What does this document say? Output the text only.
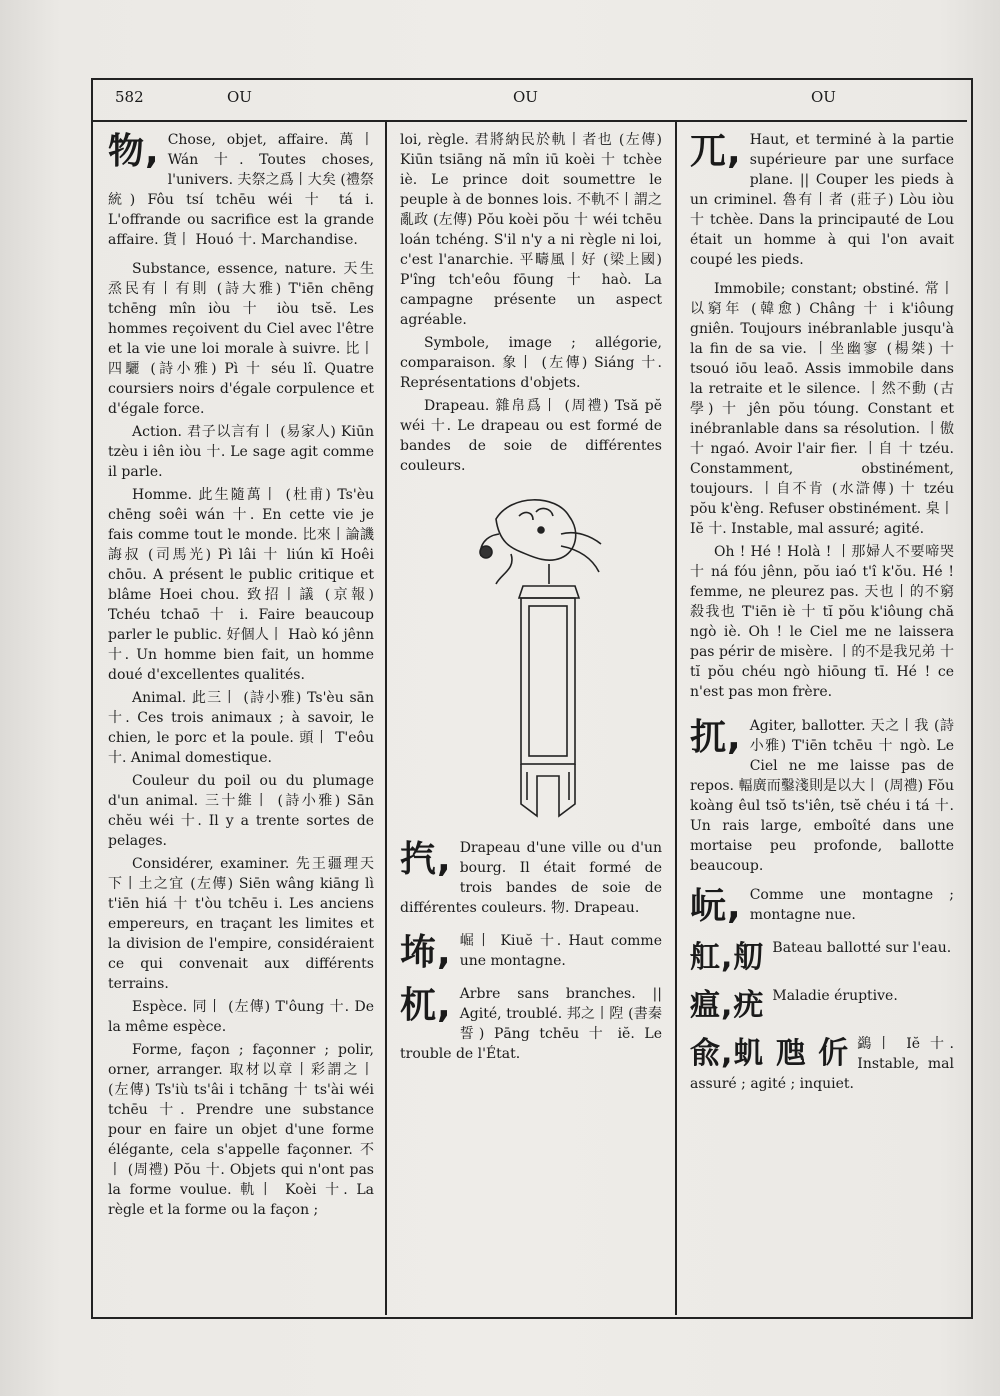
582	OU	OU	OU
物, Chose, objet, affaire. 萬丨 Wán 十. Toutes choses, l'univers. 夫祭之爲丨大矣 (禮祭統) Fôu tsí tchēu wéi 十 tá i. L'offrande ou sacrifice est la grande affaire. 貨丨 Houó 十. Marchandise.

Substance, essence, nature. 天生烝民有丨有則 (詩大雅) T'iēn chēng tchēng mîn iòu 十 iòu tsĕ. Les hommes reçoivent du Ciel avec l'être et la vie une loi morale à suivre. 比丨四驪 (詩小雅) Pì 十 séu lî. Quatre coursiers noirs d'égale corpulence et d'égale force.

Action. 君子以言有丨 (易家人) Kiūn tzèu i iên iòu 十. Le sage agit comme il parle.

Homme. 此生隨萬丨 (杜甫) Ts'èu chēng soêi wán 十. En cette vie je fais comme tout le monde. 比來丨論譏誨叔 (司馬光) Pì lâi 十 liún kī Hoêi chōu. A présent le public critique et blâme Hoei chou. 致招丨議 (京報) Tchéu tchaō 十 i. Faire beaucoup parler le public. 好個人丨 Haò kó jênn 十. Un homme bien fait, un homme doué d'excellentes qualités.

Animal. 此三丨 (詩小雅) Ts'èu sān 十. Ces trois animaux ; à savoir, le chien, le porc et la poule. 頭丨 T'eôu 十. Animal domestique.

Couleur du poil ou du plumage d'un animal. 三十維丨 (詩小雅) Sān chĕu wéi 十. Il y a trente sortes de pelages.

Considérer, examiner. 先王疆理天下丨土之宜 (左傳) Siēn wâng kiāng lì t'iēn hiá 十 t'òu tchēu i. Les anciens empereurs, en traçant les limites et la division de l'empire, considéraient ce qui convenait aux différents terrains.

Espèce. 同丨 (左傳) T'ôung 十. De la même espèce.

Forme, façon ; façonner ; polir, orner, arranger. 取材以章丨彩謂之丨 (左傳) Ts'iù ts'âi i tchāng 十 ts'ài wéi tchēu 十. Prendre une substance pour en faire un objet d'une forme élégante, cela s'appelle façonner. 不丨 (周禮) Pŏu 十. Objets qui n'ont pas la forme voulue. 軌丨 Koèi 十. La règle et la forme ou la façon ;

loi, règle. 君將納民於軌丨者也 (左傳) Kiūn tsiāng nă mîn iū koèi 十 tchèe iè. Le prince doit soumettre le peuple à de bonnes lois. 不軌不丨謂之亂政 (左傳) Pŏu koèi pŏu 十 wéi tchēu loán tchéng. S'il n'y a ni règle ni loi, c'est l'anarchie. 平疇風丨好 (梁上國) P'îng tch'eôu fōung 十 haò. La campagne présente un aspect agréable.

Symbole, image ; allégorie, comparaison. 象丨 (左傳) Siáng 十. Représentations d'objets.

Drapeau. 雜帛爲丨 (周禮) Tsă pĕ wéi 十. Le drapeau ou est formé de bandes de soie de différentes couleurs.

㧉, Drapeau d'une ville ou d'un bourg. Il était formé de trois bandes de soie de différentes couleurs. 物. Drapeau.

㘵, 崛丨 Kiuĕ 十. Haut comme une montagne.

杌, Arbre sans branches. || Agité, troublé. 邦之丨隉 (書秦誓) Pāng tchēu 十 iĕ. Le trouble de l'État.

兀, Haut, et terminé à la partie supérieure par une surface plane. || Couper les pieds à un criminel. 魯有丨者 (莊子) Lòu iòu 十 tchèe. Dans la principauté de Lou était un homme à qui l'on avait coupé les pieds.

Immobile; constant; obstiné. 常丨以窮年 (韓愈) Châng 十 i k'iôung gniên. Toujours inébranlable jusqu'à la fin de sa vie. 丨坐幽寥 (楊桀) 十 tsouó iōu leaō. Assis immobile dans la retraite et le silence. 丨然不動 (古學) 十 jên pŏu tóung. Constant et inébranlable dans sa résolution. 丨傲 十 ngaó. Avoir l'air fier. 丨自 十 tzéu. Constamment, obstinément, toujours. 丨自不肯 (水滸傳) 十 tzéu pŏu k'èng. Refuser obstinément. 臬丨 Iĕ 十. Instable, mal assuré; agité.

Oh ! Hé ! Holà ! 丨那婦人不要啼哭 十 ná fóu jênn, pŏu iaó t'î k'ŏu. Hé ! femme, ne pleurez pas. 天也丨的不窮殺我也 T'iēn iè 十 tĭ pŏu k'iôung chă ngò iè. Oh ! le Ciel me ne laissera pas périr de misère. 丨的不是我兄弟 十 tĭ pŏu chéu ngò hiōung tī. Hé ! ce n'est pas mon frère.

扤, Agiter, ballotter. 天之丨我 (詩小雅) T'iēn tchēu 十 ngò. Le Ciel ne me laisse pas de repos. 輻廣而鑿淺則是以大丨 (周禮) Fŏu koàng êul tsŏ ts'iên, tsĕ chéu i tá 十. Un rais large, emboîté dans une mortaise peu profonde, ballotte beaucoup.

岏, Comme une montagne ; montagne nue.

舡,舠 Bateau ballotté sur l'eau.

瘟,疣 Maladie éruptive.

兪,虮 虺 伒 鷁丨 Iĕ 十. Instable, mal assuré ; agité ; inquiet.
